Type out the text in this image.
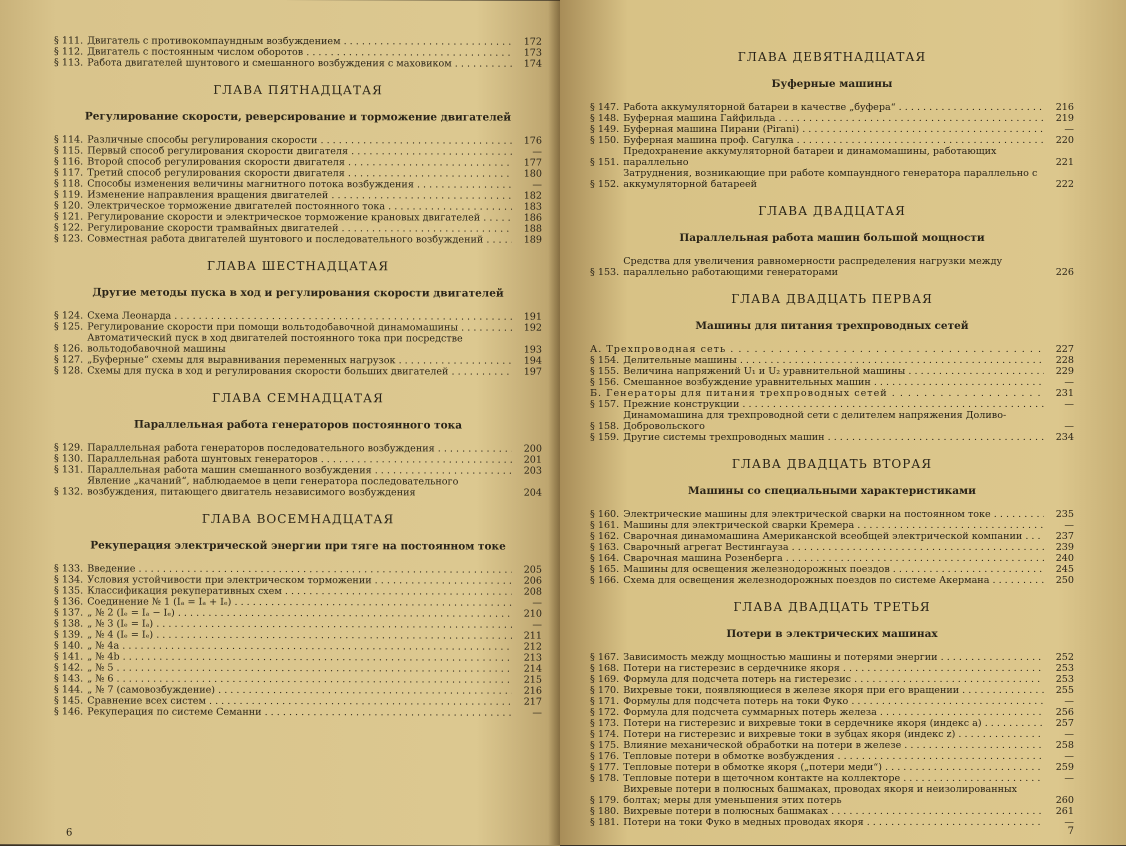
§ 111. Двигатель с противокомпаундным возбуждением . . .	172
§ 112. Двигатель с постоянным числом оборотов . . .	173
§ 113. Работа двигателей шунтового и смешанного возбуждения с маховиком . . .	174
ГЛАВА ПЯТНАДЦАТАЯ
Регулирование скорости, реверсирование и торможение двигателей
§ 114. Различные способы регулирования скорости . . .	176
§ 115. Первый способ регулирования скорости двигателя . . .	—
§ 116. Второй способ регулирования скорости двигателя . . .	177
§ 117. Третий способ регулирования скорости двигателя . . .	180
§ 118. Способы изменения величины магнитного потока возбуждения . . .	—
§ 119. Изменение направления вращения двигателей . . .	182
§ 120. Электрическое торможение двигателей постоянного тока . . .	183
§ 121. Регулирование скорости и электрическое торможение крановых двигателей . . .	186
§ 122. Регулирование скорости трамвайных двигателей . . .	188
§ 123. Совместная работа двигателей шунтового и последовательного возбуждений . . .	189
ГЛАВА ШЕСТНАДЦАТАЯ
Другие методы пуска в ход и регулирования скорости двигателей
§ 124. Схема Леонарда . . .	191
§ 125. Регулирование скорости при помощи вольтодобавочной динамомашины . . .	192
§ 126.
Автоматический пуск в ход двигателей постоянного тока при посредстве вольтодобавочной машины	193
§ 127. „Буферные“ схемы для выравнивания переменных нагрузок . . .	194
§ 128. Схемы для пуска в ход и регулирования скорости больших двигателей . . .	197
ГЛАВА СЕМНАДЦАТАЯ
Параллельная работа генераторов постоянного тока
§ 129. Параллельная работа генераторов последовательного возбуждения . . .	200
§ 130. Параллельная работа шунтовых генераторов . . .	201
§ 131. Параллельная работа машин смешанного возбуждения . . .	203
§ 132.
Явление „качаний“, наблюдаемое в цепи генератора последовательного возбуждения, питающего двигатель независимого возбуждения	204
ГЛАВА ВОСЕМНАДЦАТАЯ
Рекуперация электрической энергии при тяге на постоянном токе
§ 133. Введение . . .	205
§ 134. Условия устойчивости при электрическом торможении . . .	206
§ 135. Классификация рекуперативных схем . . .	208
§ 136. Соединение № 1 (Iₐ = Iₐ + Iₑ) . . .	—
§ 137. „ № 2 (Iₑ = Iₐ − Iₑ) . . .	210
§ 138. „ № 3 (Iₑ = Iₐ) . . .	—
§ 139. „ № 4 (Iₑ = Iₑ) . . .	211
§ 140. „ № 4a . . .	212
§ 141. „ № 4b . . .	213
§ 142. „ № 5 . . .	214
§ 143. „ № 6 . . .	215
§ 144. „ № 7 (самовозбуждение) . . .	216
§ 145. Сравнение всех систем . . .	217
§ 146. Рекуперация по системе Семанни . . .	—
6
ГЛАВА ДЕВЯТНАДЦАТАЯ
Буферные машины
§ 147. Работа аккумуляторной батареи в качестве „буфера“ . . .	216
§ 148. Буферная машина Гайфильда . . .	219
§ 149. Буферная машина Пирани (Pirani) . . .	—
§ 150. Буферная машина проф. Сагулка . . .	220
§ 151.
Предохранение аккумуляторной батареи и динамомашины, работающих параллельно	221
§ 152.
Затруднения, возникающие при работе компаундного генератора параллельно с аккумуляторной батареей	222
ГЛАВА ДВАДЦАТАЯ
Параллельная работа машин большой мощности
§ 153.
Средства для увеличения равномерности распределения нагрузки между параллельно работающими генераторами	226
ГЛАВА ДВАДЦАТЬ ПЕРВАЯ
Машины для питания трехпроводных сетей
А. Трехпроводная сеть . . .	227
§ 154. Делительные машины . . .	228
§ 155. Величина напряжений U₁ и U₂ уравнительной машины . . .	229
§ 156. Смешанное возбуждение уравнительных машин . . .	—
Б. Генераторы для питания трехпроводных сетей . . .	231
§ 157. Прежние конструкции . . .	—
§ 158.
Динамомашина для трехпроводной сети с делителем напряжения Доливо-Добровольского	—
§ 159. Другие системы трехпроводных машин . . .	234
ГЛАВА ДВАДЦАТЬ ВТОРАЯ
Машины со специальными характеристиками
§ 160. Электрические машины для электрической сварки на постоянном токе . . .	235
§ 161. Машины для электрической сварки Кремера . . .	—
§ 162. Сварочная динамомашина Американской всеобщей электрической компании . . .	237
§ 163. Сварочный агрегат Вестингауза . . .	239
§ 164. Сварочная машина Розенберга . . .	240
§ 165. Машины для освещения железнодорожных поездов . . .	245
§ 166. Схема для освещения железнодорожных поездов по системе Акермана . . .	250
ГЛАВА ДВАДЦАТЬ ТРЕТЬЯ
Потери в электрических машинах
§ 167. Зависимость между мощностью машины и потерями энергии . . .	252
§ 168. Потери на гистерезис в сердечнике якоря . . .	253
§ 169. Формула для подсчета потерь на гистерезис . . .	253
§ 170. Вихревые токи, появляющиеся в железе якоря при его вращении . . .	255
§ 171. Формулы для подсчета потерь на токи Фуко . . .	—
§ 172. Формула для подсчета суммарных потерь железа . . .	256
§ 173. Потери на гистерезис и вихревые токи в сердечнике якоря (индекс a) . . .	257
§ 174. Потери на гистерезис и вихревые токи в зубцах якоря (индекс z) . . .	—
§ 175. Влияние механической обработки на потери в железе . . .	258
§ 176. Тепловые потери в обмотке возбуждения . . .	—
§ 177. Тепловые потери в обмотке якоря („потери меди“) . . .	259
§ 178. Тепловые потери в щеточном контакте на коллекторе . . .	—
§ 179.
Вихревые потери в полюсных башмаках, проводах якоря и неизолированных болтах; меры для уменьшения этих потерь	260
§ 180. Вихревые потери в полюсных башмаках . . .	261
§ 181. Потери на токи Фуко в медных проводах якоря . . .	—
7
